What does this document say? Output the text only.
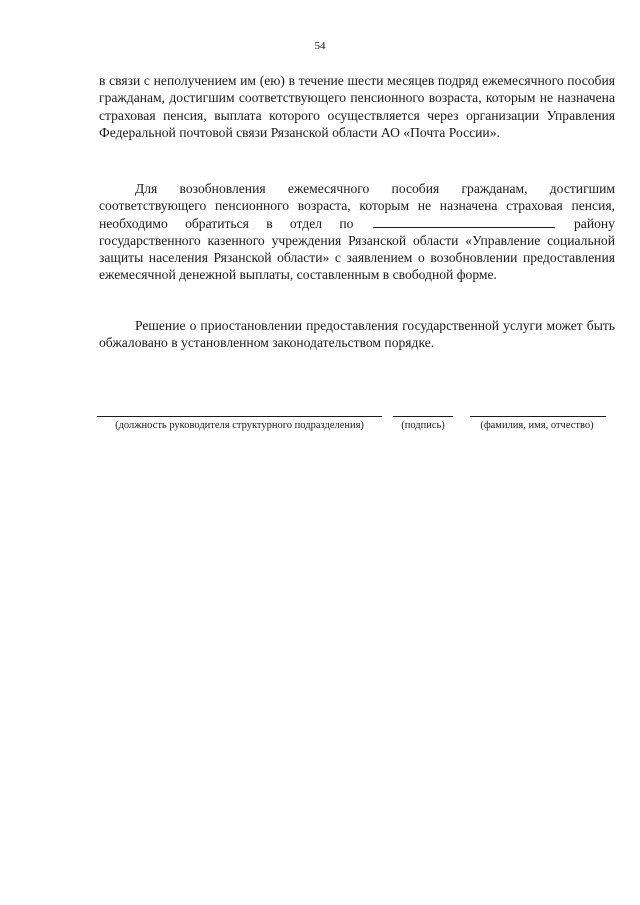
54

в связи с неполучением им (ею) в течение шести месяцев подряд ежемесячного пособия гражданам, достигшим соответствующего пенсионного возраста, которым не назначена страховая пенсия, выплата которого осуществляется через организации Управления Федеральной почтовой связи Рязанской области АО «Почта России».

Для возобновления ежемесячного пособия гражданам, достигшим соответствующего пенсионного возраста, которым не назначена страховая пенсия, необходимо обратиться в отдел по	району государственного казенного учреждения Рязанской области «Управление социальной защиты населения Рязанской области» с заявлением о возобновлении предоставления ежемесячной денежной выплаты, составленным в свободной форме.

Решение о приостановлении предоставления государственной услуги может быть обжаловано в установленном законодательством порядке.

(должность руководителя структурного подразделения)	(подпись)	(фамилия, имя, отчество)
